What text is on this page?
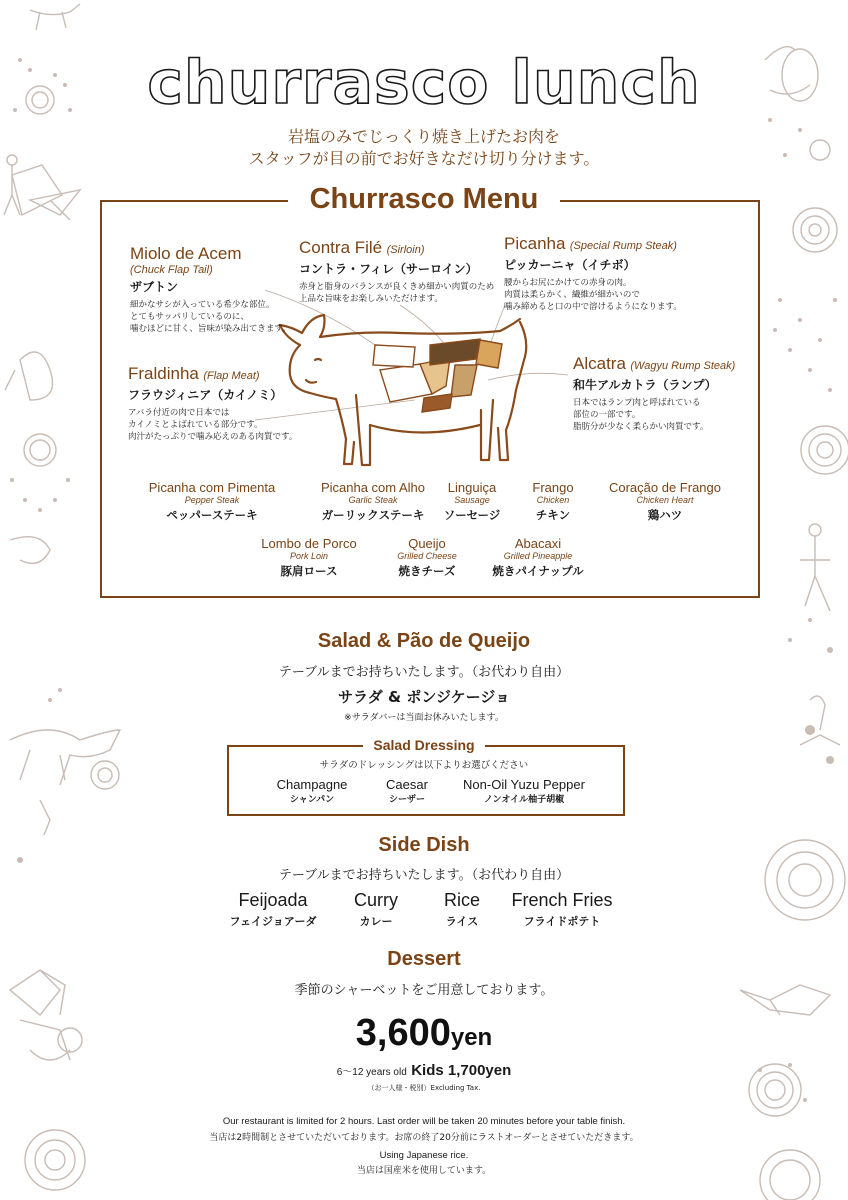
churrasco lunch
岩塩のみでじっくり焼き上げたお肉を
スタッフが目の前でお好きなだけ切り分けます。
Churrasco Menu
Miolo de Acem
(Chuck Flap Tail)
ザブトン
細かなサシが入っている希少な部位。
とてもサッパリしているのに、
噛むほどに甘く、旨味が染み出てきます。
Contra Filé (Sirloin)
コントラ・フィレ（サーロイン）
赤身と脂身のバランスが良くきめ細かい肉質のため
上品な旨味をお楽しみいただけます。
Picanha (Special Rump Steak)
ピッカーニャ（イチボ）
腰からお尻にかけての赤身の肉。
肉質は柔らかく、繊維が細かいので
噛み締めると口の中で溶けるようになります。
Fraldinha (Flap Meat)
フラウジィニア（カイノミ）
アバラ付近の肉で日本では
カイノミとよばれている部分です。
肉汁がたっぷりで噛み応えのある肉質です。
Alcatra (Wagyu Rump Steak)
和牛アルカトラ（ランプ）
日本ではランプ肉と呼ばれている
部位の一部です。
脂肪分が少なく柔らかい肉質です。
Picanha com Pimenta
Pepper Steak
ペッパーステーキ
Picanha com Alho
Garlic Steak
ガーリックステーキ
Linguiça
Sausage
ソーセージ
Frango
Chicken
チキン
Coração de Frango
Chicken Heart
鶏ハツ
Lombo de Porco
Pork Loin
豚肩ロース
Queijo
Grilled Cheese
焼きチーズ
Abacaxi
Grilled Pineapple
焼きパイナップル
Salad & Pão de Queijo
テーブルまでお持ちいたします。（お代わり自由）
サラダ & ポンジケージョ
※サラダバーは当面お休みいたします。
Salad Dressing
サラダのドレッシングは以下よりお選びください
Champagne
シャンパン
Caesar
シーザー
Non-Oil Yuzu Pepper
ノンオイル柚子胡椒
Side Dish
テーブルまでお持ちいたします。（お代わり自由）
Feijoada
フェイジョアーダ
Curry
カレー
Rice
ライス
French Fries
フライドポテト
Dessert
季節のシャーベットをご用意しております。
3,600yen
6～12 years old Kids 1,700yen
（お一人様・税別）Excluding Tax.
Our restaurant is limited for 2 hours. Last order will be taken 20 minutes before your table finish.
当店は2時間制とさせていただいております。お席の終了20分前にラストオーダーとさせていただきます。
Using Japanese rice.
当店は国産米を使用しています。
